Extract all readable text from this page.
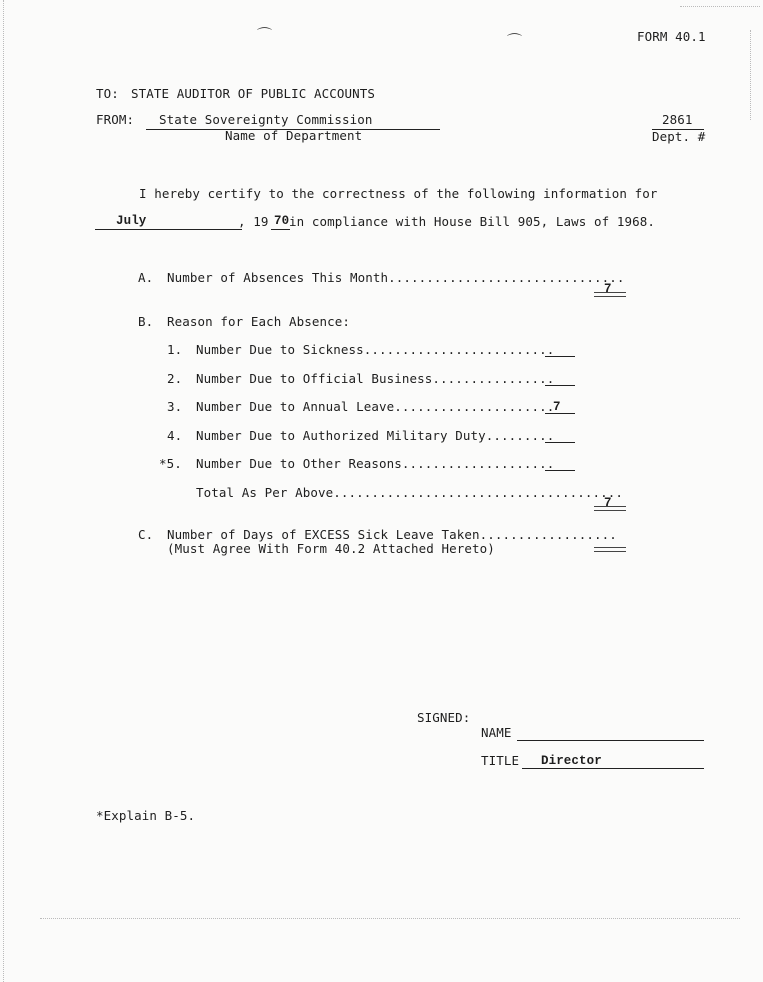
⌒	⌒	FORM 40.1
TO: STATE AUDITOR OF PUBLIC ACCOUNTS
FROM: State Sovereignty Commission
Name of Department
2861
Dept. #
I hereby certify to the correctness of the following information for
July	, 19 70 in compliance with House Bill 905, Laws of 1968.
A. Number of Absences This Month...............................
7
B. Reason for Each Absence:
1. Number Due to Sickness.........................
2. Number Due to Official Business................
3. Number Due to Annual Leave.....................
7
4. Number Due to Authorized Military Duty.........
*5. Number Due to Other Reasons....................
Total As Per Above......................................
7
C. Number of Days of EXCESS Sick Leave Taken..................
(Must Agree With Form 40.2 Attached Hereto)
SIGNED:
NAME
TITLE Director
*Explain B-5.
